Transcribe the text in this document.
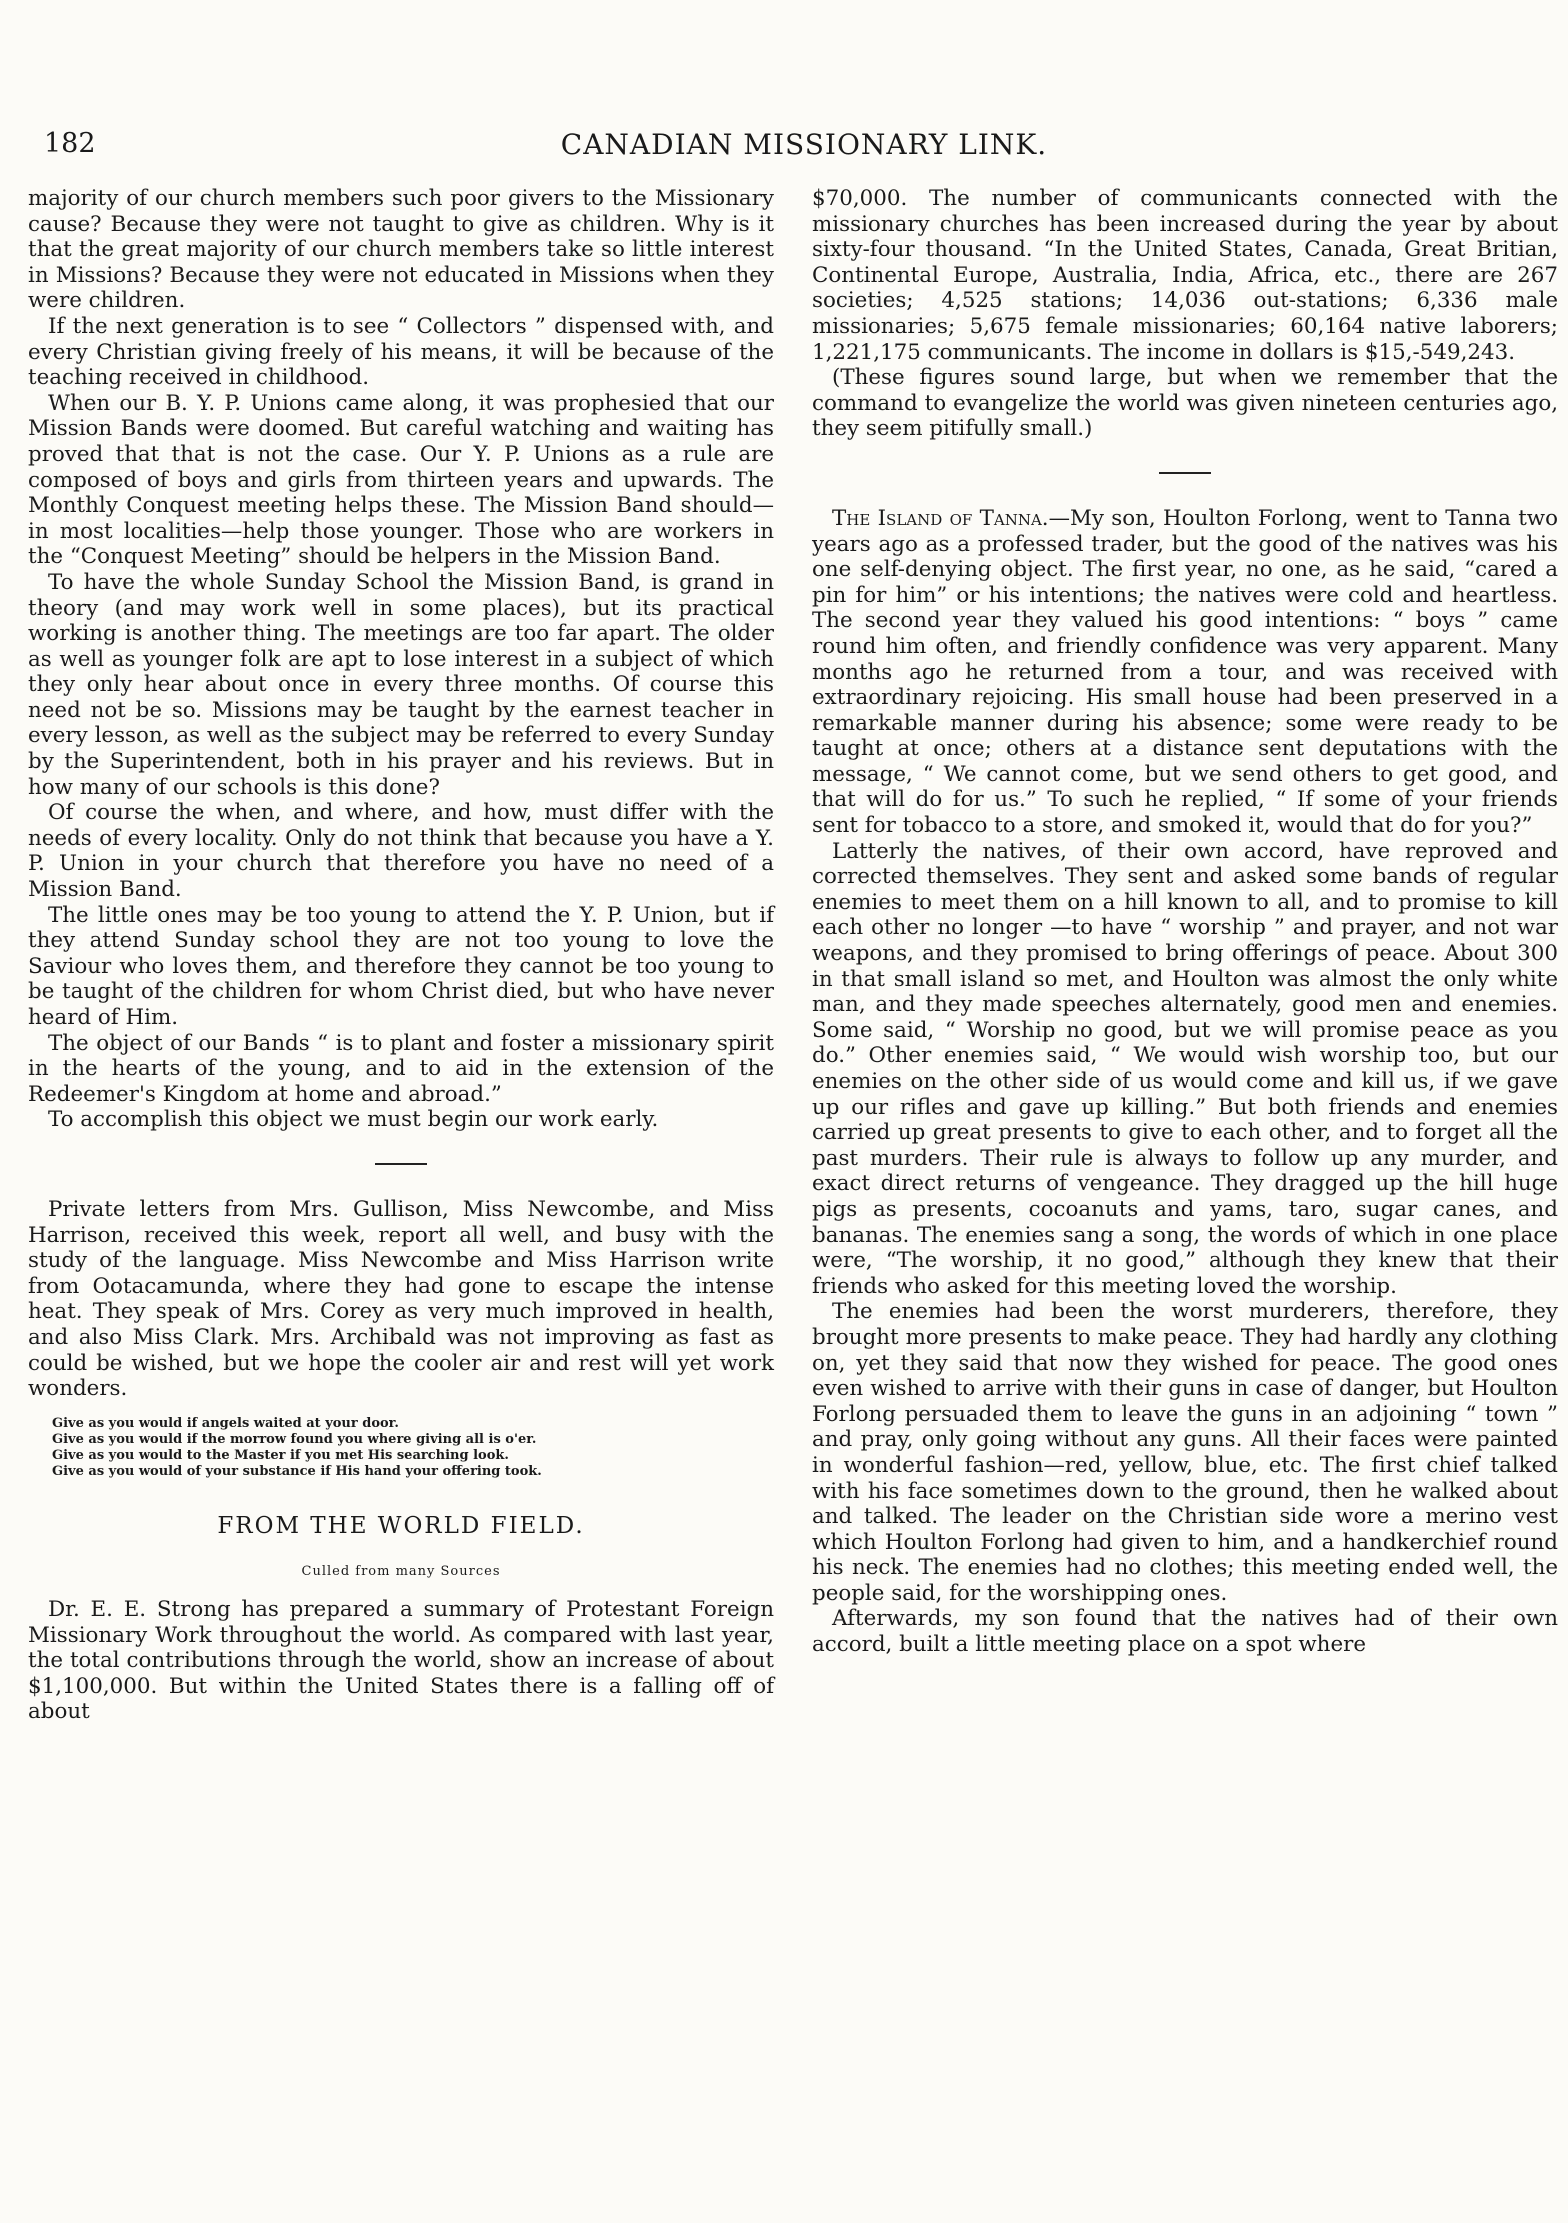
182	CANADIAN MISSIONARY LINK.

majority of our church members such poor givers to the Missionary cause? Because they were not taught to give as children. Why is it that the great majority of our church members take so little interest in Missions? Because they were not educated in Missions when they were children.

If the next generation is to see “ Collectors ” dispensed with, and every Christian giving freely of his means, it will be because of the teaching received in childhood.

When our B. Y. P. Unions came along, it was prophesied that our Mission Bands were doomed. But careful watching and waiting has proved that that is not the case. Our Y. P. Unions as a rule are composed of boys and girls from thirteen years and upwards. The Monthly Conquest meeting helps these. The Mission Band should—in most localities—help those younger. Those who are workers in the “Conquest Meeting” should be helpers in the Mission Band.

To have the whole Sunday School the Mission Band, is grand in theory (and may work well in some places), but its practical working is another thing. The meetings are too far apart. The older as well as younger folk are apt to lose interest in a subject of which they only hear about once in every three months. Of course this need not be so. Missions may be taught by the earnest teacher in every lesson, as well as the subject may be referred to every Sunday by the Superintendent, both in his prayer and his reviews. But in how many of our schools is this done?

Of course the when, and where, and how, must differ with the needs of every locality. Only do not think that because you have a Y. P. Union in your church that therefore you have no need of a Mission Band.

The little ones may be too young to attend the Y. P. Union, but if they attend Sunday school they are not too young to love the Saviour who loves them, and therefore they cannot be too young to be taught of the children for whom Christ died, but who have never heard of Him.

The object of our Bands “ is to plant and foster a missionary spirit in the hearts of the young, and to aid in the extension of the Redeemer's Kingdom at home and abroad.”

To accomplish this object we must begin our work early.

Private letters from Mrs. Gullison, Miss Newcombe, and Miss Harrison, received this week, report all well, and busy with the study of the language. Miss Newcombe and Miss Harrison write from Ootacamunda, where they had gone to escape the intense heat. They speak of Mrs. Corey as very much improved in health, and also Miss Clark. Mrs. Archibald was not improving as fast as could be wished, but we hope the cooler air and rest will yet work wonders.

Give as you would if angels waited at your door.
Give as you would if the morrow found you where giving all is o'er.
Give as you would to the Master if you met His searching look.
Give as you would of your substance if His hand your offering took.
FROM THE WORLD FIELD.
Culled from many Sources

Dr. E. E. Strong has prepared a summary of Protestant Foreign Missionary Work throughout the world. As compared with last year, the total contributions through the world, show an increase of about $1,100,000. But within the United States there is a falling off of about

$70,000. The number of communicants connected with the missionary churches has been increased during the year by about sixty-four thousand. “In the United States, Canada, Great Britian, Continental Europe, Australia, India, Africa, etc., there are 267 societies; 4,525 stations; 14,036 out-stations; 6,336 male missionaries; 5,675 female missionaries; 60,164 native laborers; 1,221,175 communicants. The income in dollars is $15,-549,243.

(These figures sound large, but when we remember that the command to evangelize the world was given nineteen centuries ago, they seem pitifully small.)

The Island of Tanna.—My son, Houlton Forlong, went to Tanna two years ago as a professed trader, but the good of the natives was his one self-denying object. The first year, no one, as he said, “cared a pin for him” or his intentions; the natives were cold and heartless. The second year they valued his good intentions: “ boys ” came round him often, and friendly confidence was very apparent. Many months ago he returned from a tour, and was received with extraordinary rejoicing. His small house had been preserved in a remarkable manner during his absence; some were ready to be taught at once; others at a distance sent deputations with the message, “ We cannot come, but we send others to get good, and that will do for us.” To such he replied, “ If some of your friends sent for tobacco to a store, and smoked it, would that do for you?”

Latterly the natives, of their own accord, have reproved and corrected themselves. They sent and asked some bands of regular enemies to meet them on a hill known to all, and to promise to kill each other no longer —to have “ worship ” and prayer, and not war weapons, and they promised to bring offerings of peace. About 300 in that small island so met, and Houlton was almost the only white man, and they made speeches alternately, good men and enemies. Some said, “ Worship no good, but we will promise peace as you do.” Other enemies said, “ We would wish worship too, but our enemies on the other side of us would come and kill us, if we gave up our rifles and gave up killing.” But both friends and enemies carried up great presents to give to each other, and to forget all the past murders. Their rule is always to follow up any murder, and exact direct returns of vengeance. They dragged up the hill huge pigs as presents, cocoanuts and yams, taro, sugar canes, and bananas. The enemies sang a song, the words of which in one place were, “The worship, it no good,” although they knew that their friends who asked for this meeting loved the worship.

The enemies had been the worst murderers, therefore, they brought more presents to make peace. They had hardly any clothing on, yet they said that now they wished for peace. The good ones even wished to arrive with their guns in case of danger, but Houlton Forlong persuaded them to leave the guns in an adjoining “ town ” and pray, only going without any guns. All their faces were painted in wonderful fashion—red, yellow, blue, etc. The first chief talked with his face sometimes down to the ground, then he walked about and talked. The leader on the Christian side wore a merino vest which Houlton Forlong had given to him, and a handkerchief round his neck. The enemies had no clothes; this meeting ended well, the people said, for the worshipping ones.

Afterwards, my son found that the natives had of their own accord, built a little meeting place on a spot where
